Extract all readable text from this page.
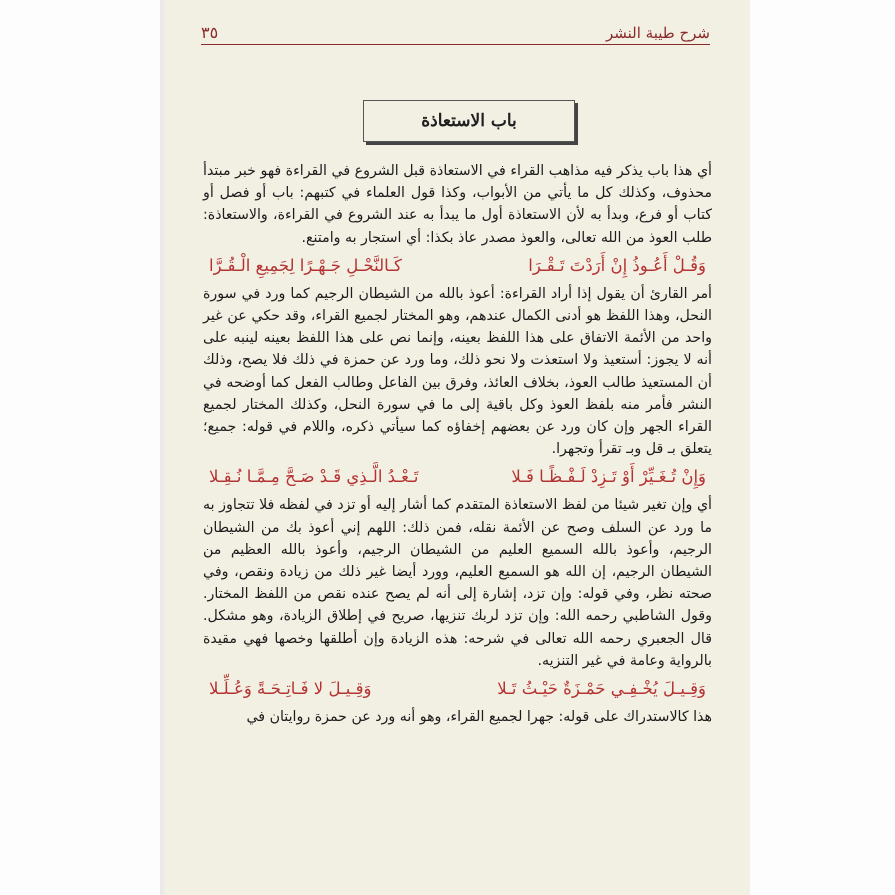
شرح طيبة النشر
٣٥
باب الاستعاذة

أي هذا باب يذكر فيه مذاهب القراء في الاستعاذة قبل الشروع في القراءة فهو خبر مبتدأ محذوف، وكذلك كل ما يأتي من الأبواب، وكذا قول العلماء في كتبهم: باب أو فصل أو كتاب أو فرع، وبدأ به لأن الاستعاذة أول ما يبدأ به عند الشروع في القراءة، والاستعاذة: طلب العوذ من الله تعالى، والعوذ مصدر عاذ بكذا: أي استجار به وامتنع.

وَقُـلْ أَعُـوذُ إِنْ أَرَدْتَ تَـقْـرَا
كَـالنَّحْـلِ جَـهْـرًا لِجَمِيعِ الْـقُـرَّا

أمر القارئ أن يقول إذا أراد القراءة: أعوذ بالله من الشيطان الرجيم كما ورد في سورة النحل، وهذا اللفظ هو أدنى الكمال عندهم، وهو المختار لجميع القراء، وقد حكي عن غير واحد من الأئمة الاتفاق على هذا اللفظ بعينه، وإنما نص على هذا اللفظ بعينه لينبه على أنه لا يجوز: أستعيذ ولا استعذت ولا نحو ذلك، وما ورد عن حمزة في ذلك فلا يصح، وذلك أن المستعيذ طالب العوذ، بخلاف العائذ، وفرق بين الفاعل وطالب الفعل كما أوضحه في النشر فأمر منه بلفظ العوذ وكل باقية إلى ما في سورة النحل، وكذلك المختار لجميع القراء الجهر وإن كان ورد عن بعضهم إخفاؤه كما سيأتي ذكره، واللام في قوله: جميع؛ يتعلق بـ قل وبـ تقرأ وتجهرا.

وَإِنْ تُـغَـيِّرْ أَوْ تَـزِدْ لَـفْـظًـا فَـلا
تَـعْـدُ الَّـذِي قَـدْ صَـحَّ مِـمَّـا نُـقِـلا

أي وإن تغير شيئا من لفظ الاستعاذة المتقدم كما أشار إليه أو تزد في لفظه فلا تتجاوز به ما ورد عن السلف وصح عن الأئمة نقله، فمن ذلك: اللهم إني أعوذ بك من الشيطان الرجيم، وأعوذ بالله السميع العليم من الشيطان الرجيم، وأعوذ بالله العظيم من الشيطان الرجيم، إن الله هو السميع العليم، وورد أيضا غير ذلك من زيادة ونقص، وفي صحته نظر، وفي قوله: وإن تزد، إشارة إلى أنه لم يصح عنده نقص من اللفظ المختار. وقول الشاطبي رحمه الله: وإن تزد لربك تنزيها، صريح في إطلاق الزيادة، وهو مشكل. قال الجعبري رحمه الله تعالى في شرحه: هذه الزيادة وإن أطلقها وخصها فهي مقيدة بالرواية وعامة في غير التنزيه.

وَقِـيـلَ يُخْـفِـي حَمْـزَةٌ حَيْـثُ تَـلا
وَقِـيـلَ لا فَـاتِـحَـةً وَعُـلِّـلا

هذا كالاستدراك على قوله: جهرا لجميع القراء، وهو أنه ورد عن حمزة روايتان في
